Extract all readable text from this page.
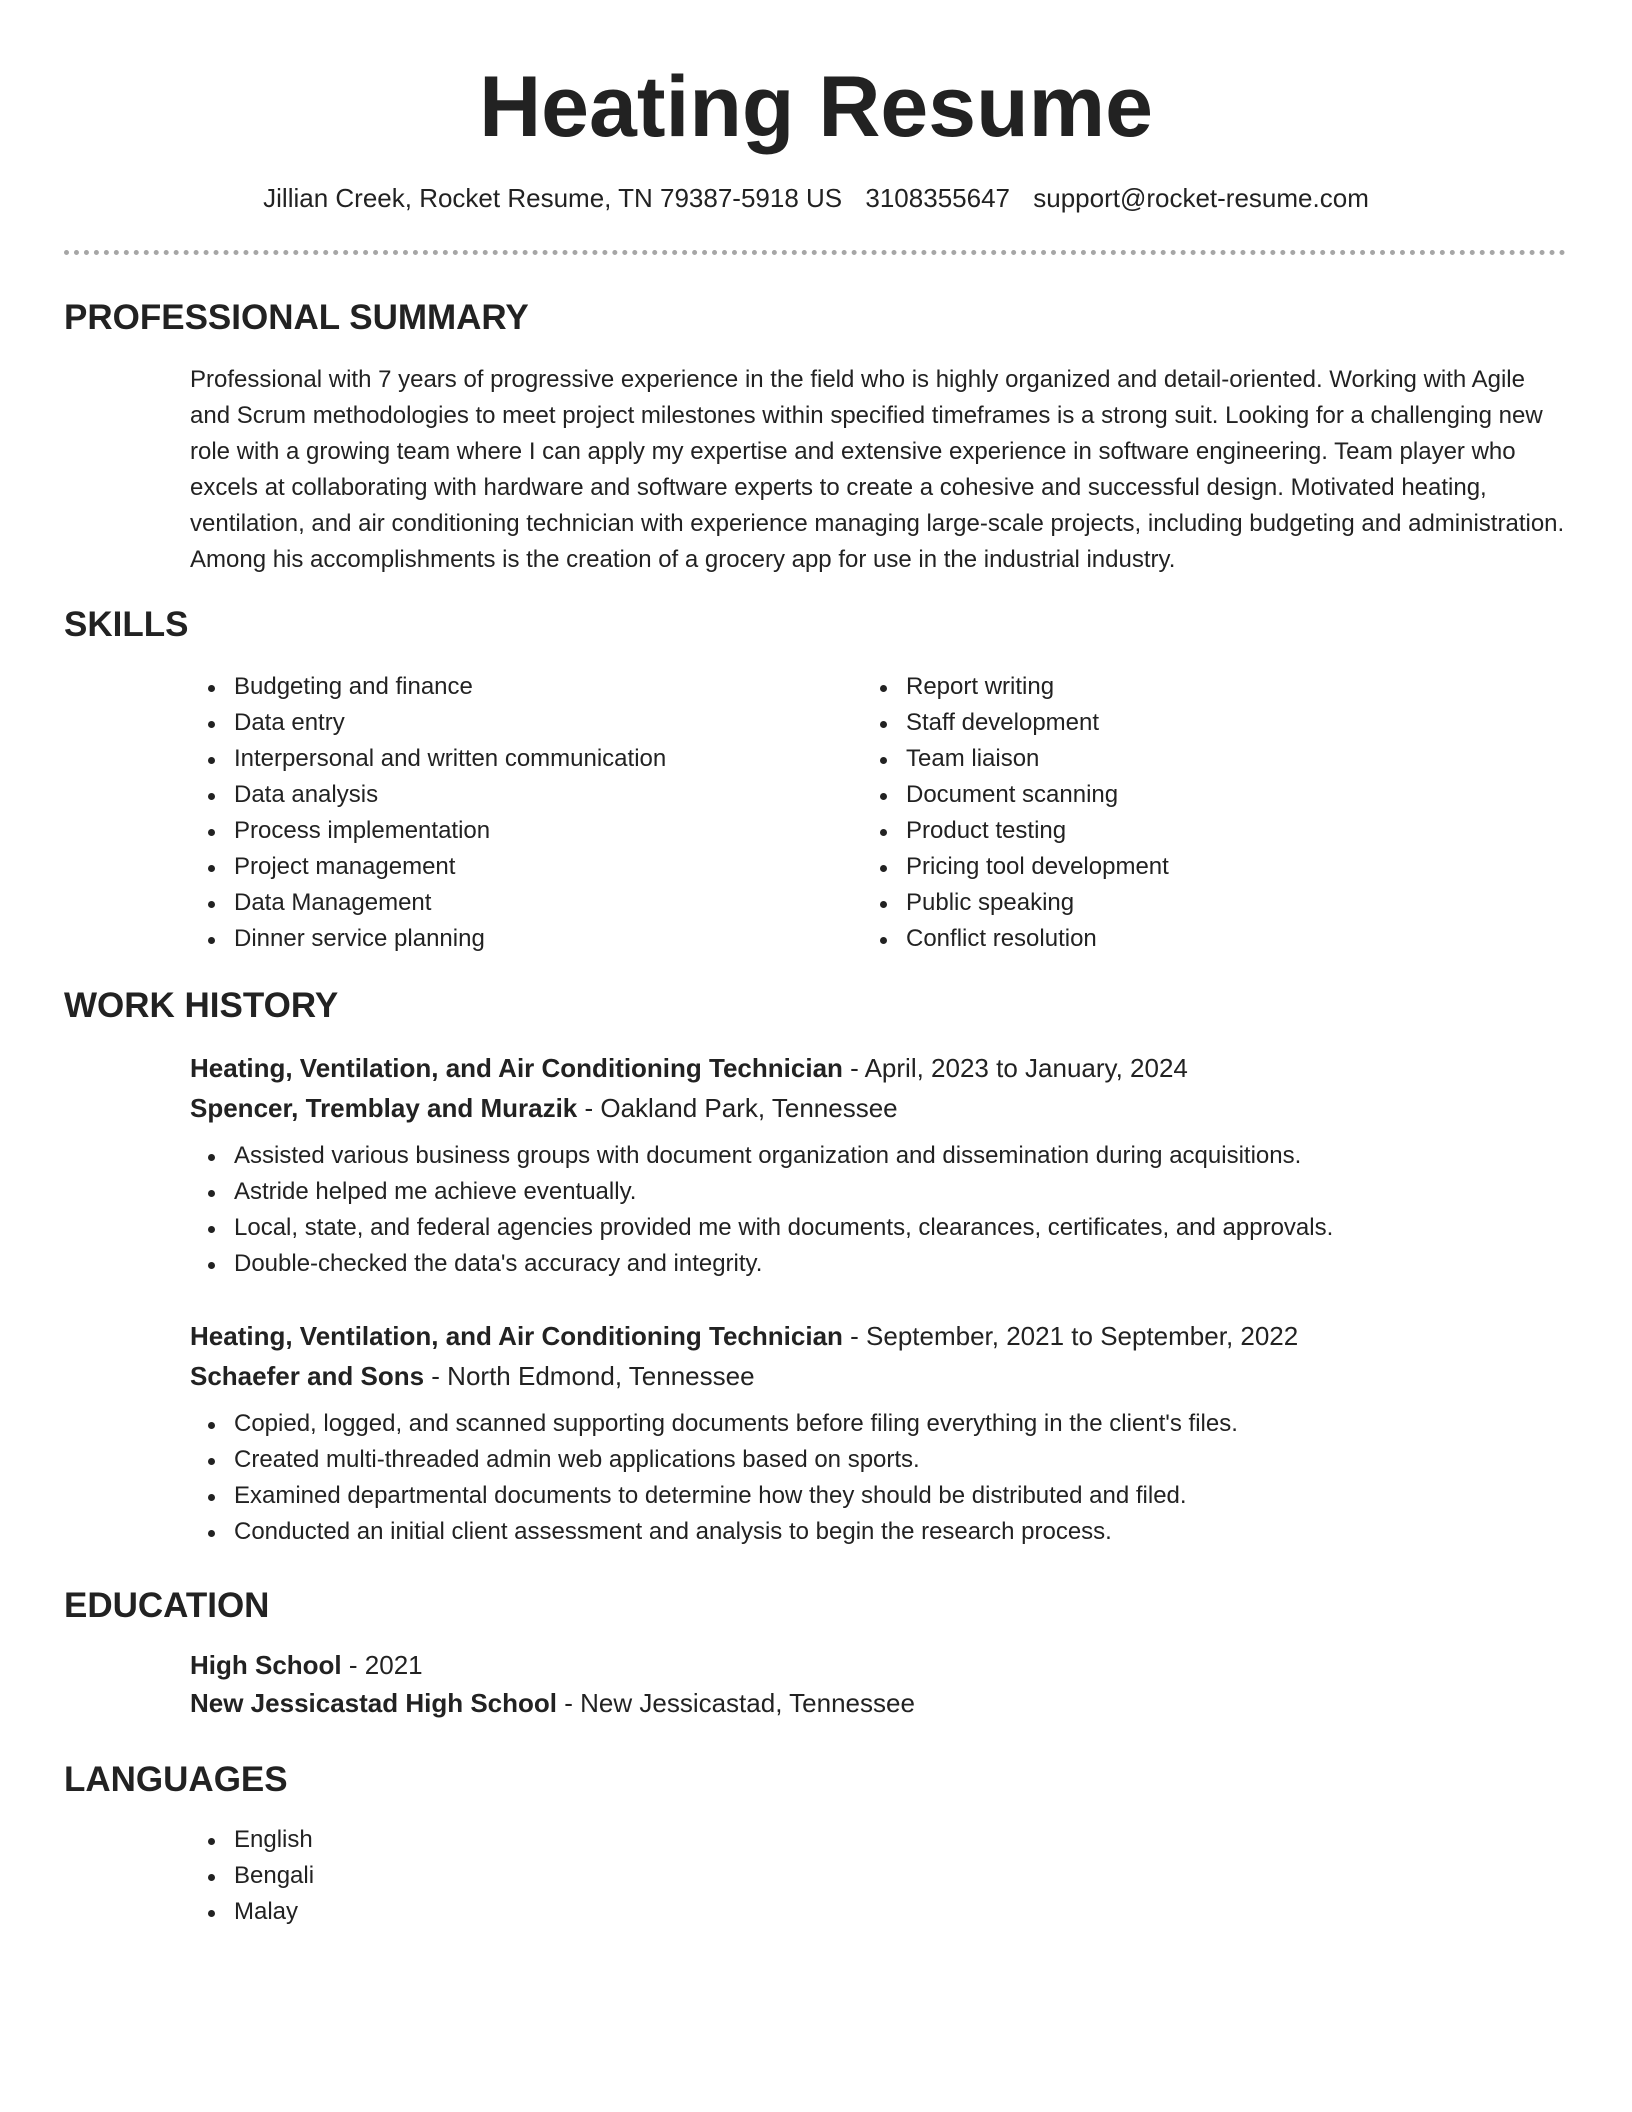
Heating Resume
Jillian Creek, Rocket Resume, TN 79387-5918 US 3108355647 support@rocket-resume.com
PROFESSIONAL SUMMARY
Professional with 7 years of progressive experience in the field who is highly organized and detail-oriented. Working with Agile and Scrum methodologies to meet project milestones within specified timeframes is a strong suit. Looking for a challenging new role with a growing team where I can apply my expertise and extensive experience in software engineering. Team player who excels at collaborating with hardware and software experts to create a cohesive and successful design. Motivated heating, ventilation, and air conditioning technician with experience managing large-scale projects, including budgeting and administration. Among his accomplishments is the creation of a grocery app for use in the industrial industry.
SKILLS
Budgeting and finance
Data entry
Interpersonal and written communication
Data analysis
Process implementation
Project management
Data Management
Dinner service planning
Report writing
Staff development
Team liaison
Document scanning
Product testing
Pricing tool development
Public speaking
Conflict resolution
WORK HISTORY
Heating, Ventilation, and Air Conditioning Technician - April, 2023 to January, 2024
Spencer, Tremblay and Murazik - Oakland Park, Tennessee
Assisted various business groups with document organization and dissemination during acquisitions.
Astride helped me achieve eventually.
Local, state, and federal agencies provided me with documents, clearances, certificates, and approvals.
Double-checked the data's accuracy and integrity.
Heating, Ventilation, and Air Conditioning Technician - September, 2021 to September, 2022
Schaefer and Sons - North Edmond, Tennessee
Copied, logged, and scanned supporting documents before filing everything in the client's files.
Created multi-threaded admin web applications based on sports.
Examined departmental documents to determine how they should be distributed and filed.
Conducted an initial client assessment and analysis to begin the research process.
EDUCATION
High School - 2021
New Jessicastad High School - New Jessicastad, Tennessee
LANGUAGES
English
Bengali
Malay
